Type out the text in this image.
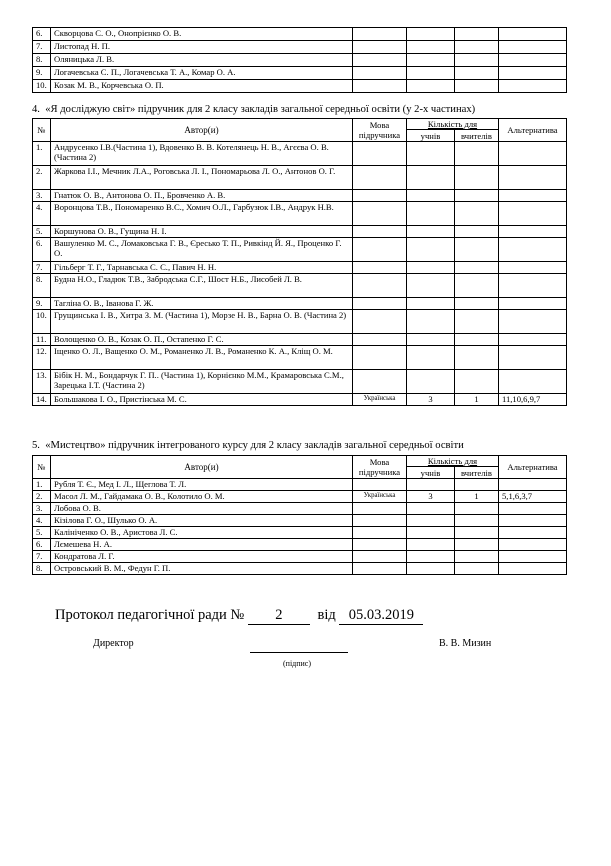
6.	Скворцова С. О., Онопрієнко О. В.				
7.	Листопад Н. П.				
8.	Оляницька Л. В.				
9.	Логачевська С. П., Логачевська Т. А., Комар О. А.				
10.	Козак М. В., Корчевська О. П.				
4. «Я досліджую світ» підручник для 2 класу закладів загальної середньої освіти (у 2-х частинах)
№	Автор(и)	Мова підручника	Кількість для		Альтернатива
			учнів	вчителів	
1.	Андрусенко І.В.(Частина 1), Вдовенко В. В. Котелянець Н. В., Агєєва О. В. (Частина 2)				
2.	Жаркова І.І., Мечник Л.А., Роговська Л. І., Пономарьова Л. О., Антонов О. Г.				
3.	Гнатюк О. В., Антонова О. П., Бровченко А. В.				
4.	Воронцова Т.В., Пономаренко В.С., Хомич О.Л., Гарбузюк І.В., Андрук Н.В.				
5.	Коршунова О. В., Гущина Н. І.				
6.	Вашуленко М. С., Ломаковська Г. В., Єресько Т. П., Ривкінд Й. Я., Проценко Г. О.				
7.	Гільберг Т. Г., Тарнавська С. С., Павич Н. Н.				
8.	Будна Н.О., Гладюк Т.В., Забродська С.Г., Шост Н.Б., Лисобей Л. В.				
9.	Тагліна О. В., Іванова Г. Ж.				
10.	Грущинська І. В., Хитра З. М. (Частина 1), Морзе Н. В., Барна О. В. (Частина 2)				
11.	Волощенко О. В., Козак О. П., Остапенко Г. С.				
12.	Іщенко О. Л., Ващенко О. М., Романенко Л. В., Романенко К. А., Кліщ О. М.				
13.	Бібік Н. М., Бондарчук Г. П.. (Частина 1), Корнієнко М.М., Крамаровська С.М., Зарецька І.Т. (Частина 2)				
14.	Большакова І. О., Пристінська М. С.	Українська	3	1	11,10,6,9,7
5. «Мистецтво» підручник інтегрованого курсу для 2 класу закладів загальної середньої освіти
№	Автор(и)	Мова підручника	Кількість для		Альтернатива
			учнів	вчителів	
1.	Рубля Т. Є., Мед І. Л., Щеглова Т. Л.				
2.	Масол Л. М., Гайдамака О. В., Колотило О. М.	Українська	3	1	5,1,6,3,7
3.	Лобова О. В.				
4.	Кізілова Г. О., Шулько О. А.				
5.	Калініченко О. В., Аристова Л. С.				
6.	Лємешева Н. А.				
7.	Кондратова Л. Г.				
8.	Островський В. М., Федун Г. П.				
Протокол педагогічної ради № 2 від 05.03.2019
Директор
(підпис)
В. В. Мизин
